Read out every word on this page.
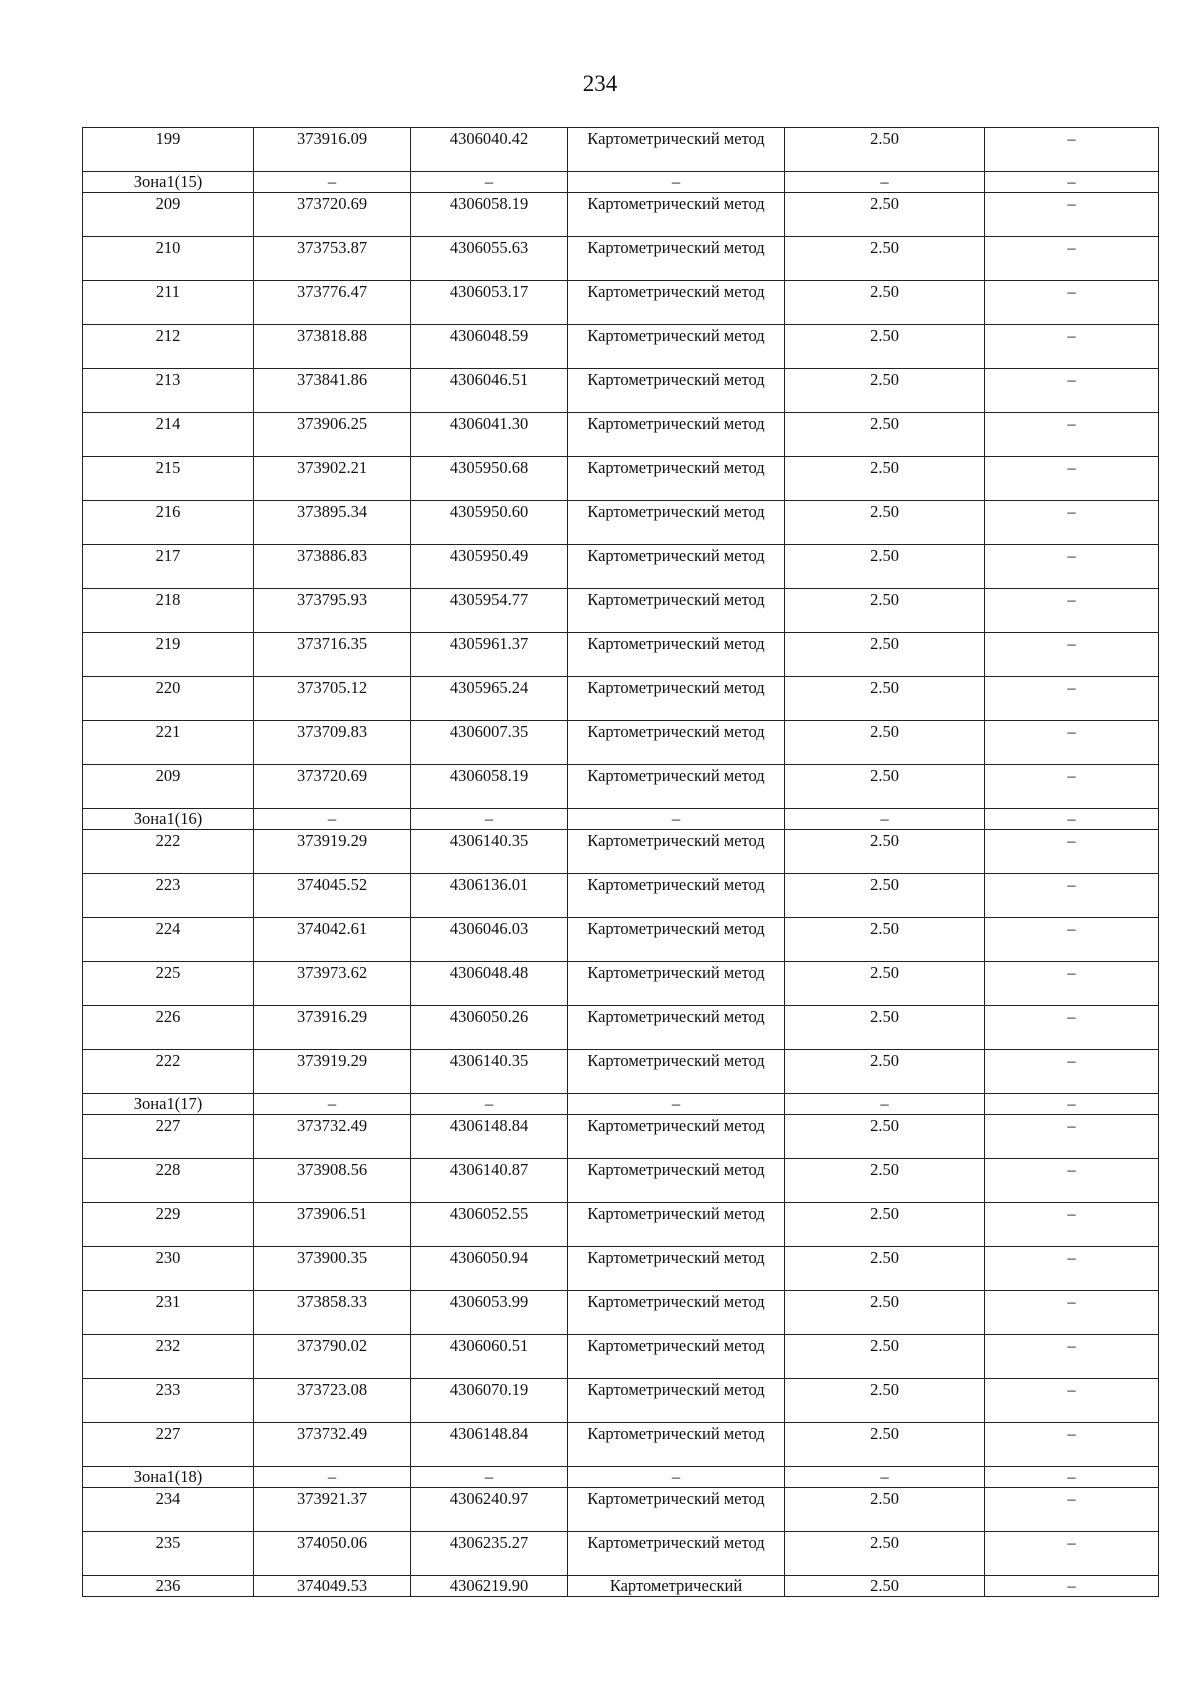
234
199	373916.09	4306040.42	Картометрический метод	2.50	–
Зона1(15)	–	–	–	–	–
209	373720.69	4306058.19	Картометрический метод	2.50	–
210	373753.87	4306055.63	Картометрический метод	2.50	–
211	373776.47	4306053.17	Картометрический метод	2.50	–
212	373818.88	4306048.59	Картометрический метод	2.50	–
213	373841.86	4306046.51	Картометрический метод	2.50	–
214	373906.25	4306041.30	Картометрический метод	2.50	–
215	373902.21	4305950.68	Картометрический метод	2.50	–
216	373895.34	4305950.60	Картометрический метод	2.50	–
217	373886.83	4305950.49	Картометрический метод	2.50	–
218	373795.93	4305954.77	Картометрический метод	2.50	–
219	373716.35	4305961.37	Картометрический метод	2.50	–
220	373705.12	4305965.24	Картометрический метод	2.50	–
221	373709.83	4306007.35	Картометрический метод	2.50	–
209	373720.69	4306058.19	Картометрический метод	2.50	–
Зона1(16)	–	–	–	–	–
222	373919.29	4306140.35	Картометрический метод	2.50	–
223	374045.52	4306136.01	Картометрический метод	2.50	–
224	374042.61	4306046.03	Картометрический метод	2.50	–
225	373973.62	4306048.48	Картометрический метод	2.50	–
226	373916.29	4306050.26	Картометрический метод	2.50	–
222	373919.29	4306140.35	Картометрический метод	2.50	–
Зона1(17)	–	–	–	–	–
227	373732.49	4306148.84	Картометрический метод	2.50	–
228	373908.56	4306140.87	Картометрический метод	2.50	–
229	373906.51	4306052.55	Картометрический метод	2.50	–
230	373900.35	4306050.94	Картометрический метод	2.50	–
231	373858.33	4306053.99	Картометрический метод	2.50	–
232	373790.02	4306060.51	Картометрический метод	2.50	–
233	373723.08	4306070.19	Картометрический метод	2.50	–
227	373732.49	4306148.84	Картометрический метод	2.50	–
Зона1(18)	–	–	–	–	–
234	373921.37	4306240.97	Картометрический метод	2.50	–
235	374050.06	4306235.27	Картометрический метод	2.50	–
236	374049.53	4306219.90	Картометрический	2.50	–
